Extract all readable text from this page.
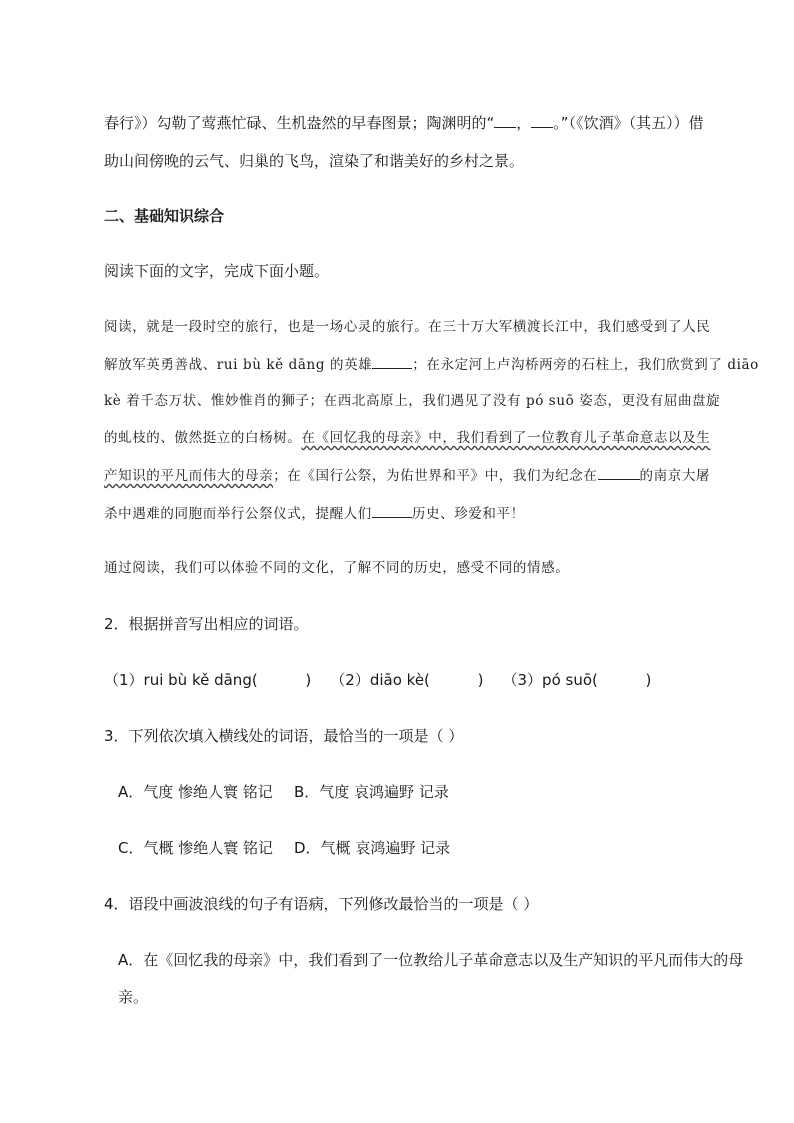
春行》）勾勒了莺燕忙碌、生机盎然的早春图景；陶渊明的“ ， 。”（《饮酒》（其五））借
助山间傍晚的云气、归巢的飞鸟，渲染了和谐美好的乡村之景。
二、基础知识综合
阅读下面的文字，完成下面小题。
阅读，就是一段时空的旅行，也是一场心灵的旅行。在三十万大军横渡长江中，我们感受到了人民
解放军英勇善战、rui bù kě dāng 的英雄	；在永定河上卢沟桥两旁的石柱上，我们欣赏到了 diāo
kè 着千态万状、惟妙惟肖的狮子；在西北高原上，我们遇见了没有 pó suō 姿态，更没有屈曲盘旋
的虬枝的、傲然挺立的白杨树。在《回忆我的母亲》中，我们看到了一位教育儿子革命意志以及生
产知识的平凡而伟大的母亲；在《国行公祭，为佑世界和平》中，我们为纪念在	的南京大屠
杀中遇难的同胞而举行公祭仪式，提醒人们	历史、珍爱和平！
通过阅读，我们可以体验不同的文化，了解不同的历史，感受不同的情感。
2．根据拼音写出相应的词语。
（1）rui bù kě dāng(          )    （2）diāo kè(          )    （3）pó suō(          )
3．下列依次填入横线处的词语，最恰当的一项是（ ）
A．气度 惨绝人寰 铭记 B．气度 哀鸿遍野 记录
C．气概 惨绝人寰 铭记 D．气概 哀鸿遍野 记录
4．语段中画波浪线的句子有语病，下列修改最恰当的一项是（ ）
A．在《回忆我的母亲》中，我们看到了一位教给儿子革命意志以及生产知识的平凡而伟大的母
亲。
